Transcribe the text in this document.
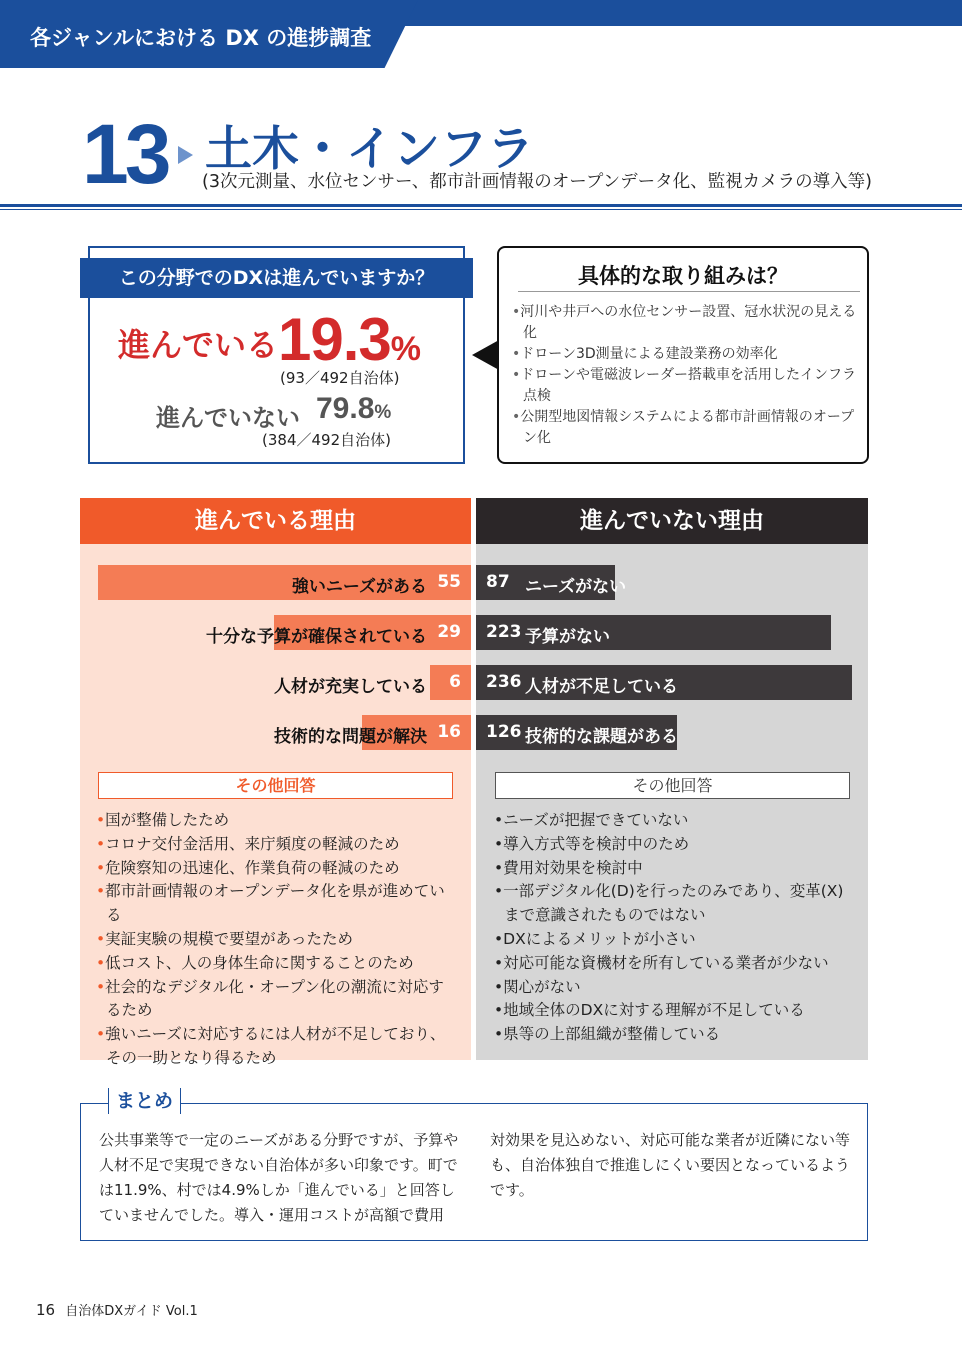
各ジャンルにおける DX の進捗調査
13 土木・インフラ
(3次元測量、水位センサー、都市計画情報のオープンデータ化、監視カメラの導入等)
この分野でのDXは進んでいますか？
進んでいる 19.3%
(93／492自治体)
進んでいない 79.8%
(384／492自治体)
具体的な取り組みは？
• 河川や井戸への水位センサー設置、冠水状況の見える化
• ドローン3D測量による建設業務の効率化
• ドローンや電磁波レーダー搭載車を活用したインフラ点検
• 公開型地図情報システムによる都市計画情報のオープン化
進んでいる理由	進んでいない理由
強いニーズがある
十分な予算が確保されている
人材が充実している
技術的な問題が解決
55
29
6
16
87
223
236
126
ニーズがない
予算がない
人材が不足している
技術的な課題がある
その他回答	その他回答
• 国が整備したため
• コロナ交付金活用、来庁頻度の軽減のため
• 危険察知の迅速化、作業負荷の軽減のため
• 都市計画情報のオープンデータ化を県が進めている
• 実証実験の規模で要望があったため
• 低コスト、人の身体生命に関することのため
• 社会的なデジタル化・オープン化の潮流に対応するため
• 強いニーズに対応するには人材が不足しており、その一助となり得るため
• ニーズが把握できていない
• 導入方式等を検討中のため
• 費用対効果を検討中
• 一部デジタル化(D)を行ったのみであり、変革(X)まで意識されたものではない
• DXによるメリットが小さい
• 対応可能な資機材を所有している業者が少ない
• 関心がない
• 地域全体のDXに対する理解が不足している
• 県等の上部組織が整備している
まとめ
公共事業等で一定のニーズがある分野ですが、予算や人材不足で実現できない自治体が多い印象です。町では11.9%、村では4.9%しか「進んでいる」と回答していませんでした。導入・運用コストが高額で費用
対効果を見込めない、対応可能な業者が近隣にない等も、自治体独自で推進しにくい要因となっているようです。
16 自治体DXガイド Vol.1
